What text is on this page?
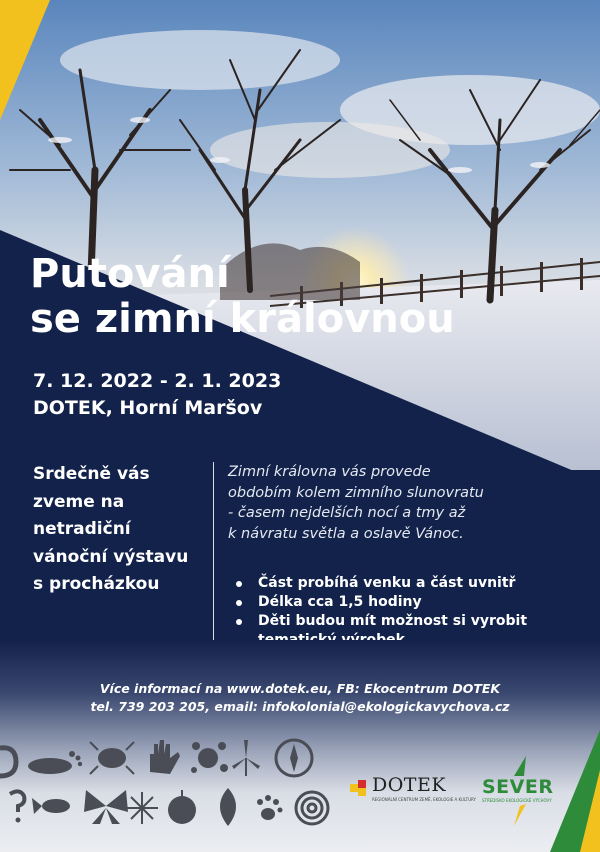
Putování
se zimní královnou
7. 12. 2022 - 2. 1. 2023
DOTEK, Horní Maršov
Srdečně vás zveme na netradiční vánoční výstavu s procházkou
Zimní královna vás provede
obdobím kolem zimního slunovratu
- časem nejdelších nocí a tmy až
k návratu světla a oslavě Vánoc.
Část probíhá venku a část uvnitř
Délka cca 1,5 hodiny
Děti budou mít možnost si vyrobit
Více informací na www.dotek.eu, FB: Ekocentrum DOTEK
tel. 739 203 205, email: infokolonial@ekologickavychova.cz
DOTEK
REGIONÁLNÍ CENTRUM ZEMĚ, EKOLOGIE A KULTURY
SEVER
STŘEDISKO EKOLOGICKÉ VÝCHOVY
